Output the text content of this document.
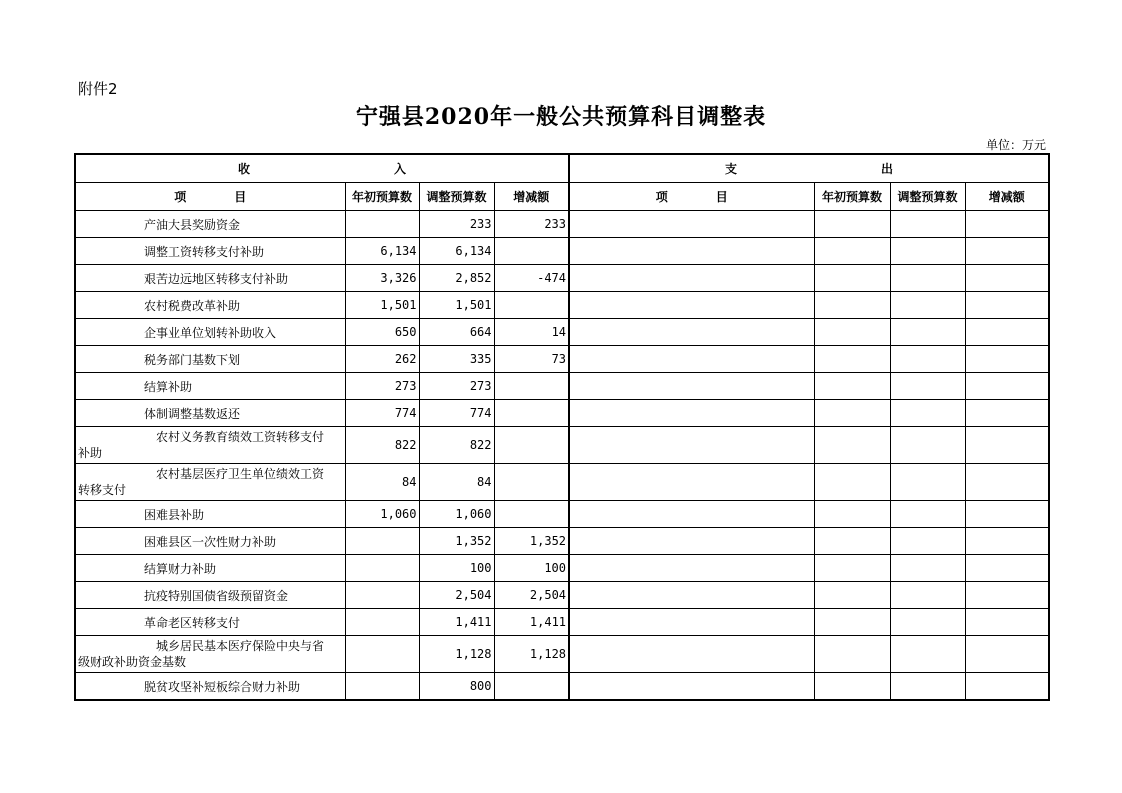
附件2
宁强县2020年一般公共预算科目调整表
单位：万元
收　　　　　　　　　　　　入				支　　　　　　　　　　　　出			
项　　　　目	年初预算数	调整预算数	增减额	项　　　　目	年初预算数	调整预算数	增减额
产油大县奖励资金		233	233				
调整工资转移支付补助	6,134	6,134					
艰苦边远地区转移支付补助	3,326	2,852	-474				
农村税费改革补助	1,501	1,501					
企事业单位划转补助收入	650	664	14				
税务部门基数下划	262	335	73				
结算补助	273	273					
体制调整基数返还	774	774					

农村义务教育绩效工资转移支付
补助	822	822					

农村基层医疗卫生单位绩效工资
转移支付	84	84					
困难县补助	1,060	1,060					
困难县区一次性财力补助		1,352	1,352				
结算财力补助		100	100				
抗疫特别国债省级预留资金		2,504	2,504				
革命老区转移支付		1,411	1,411				

城乡居民基本医疗保险中央与省
级财政补助资金基数		1,128	1,128				
脱贫攻坚补短板综合财力补助		800					
